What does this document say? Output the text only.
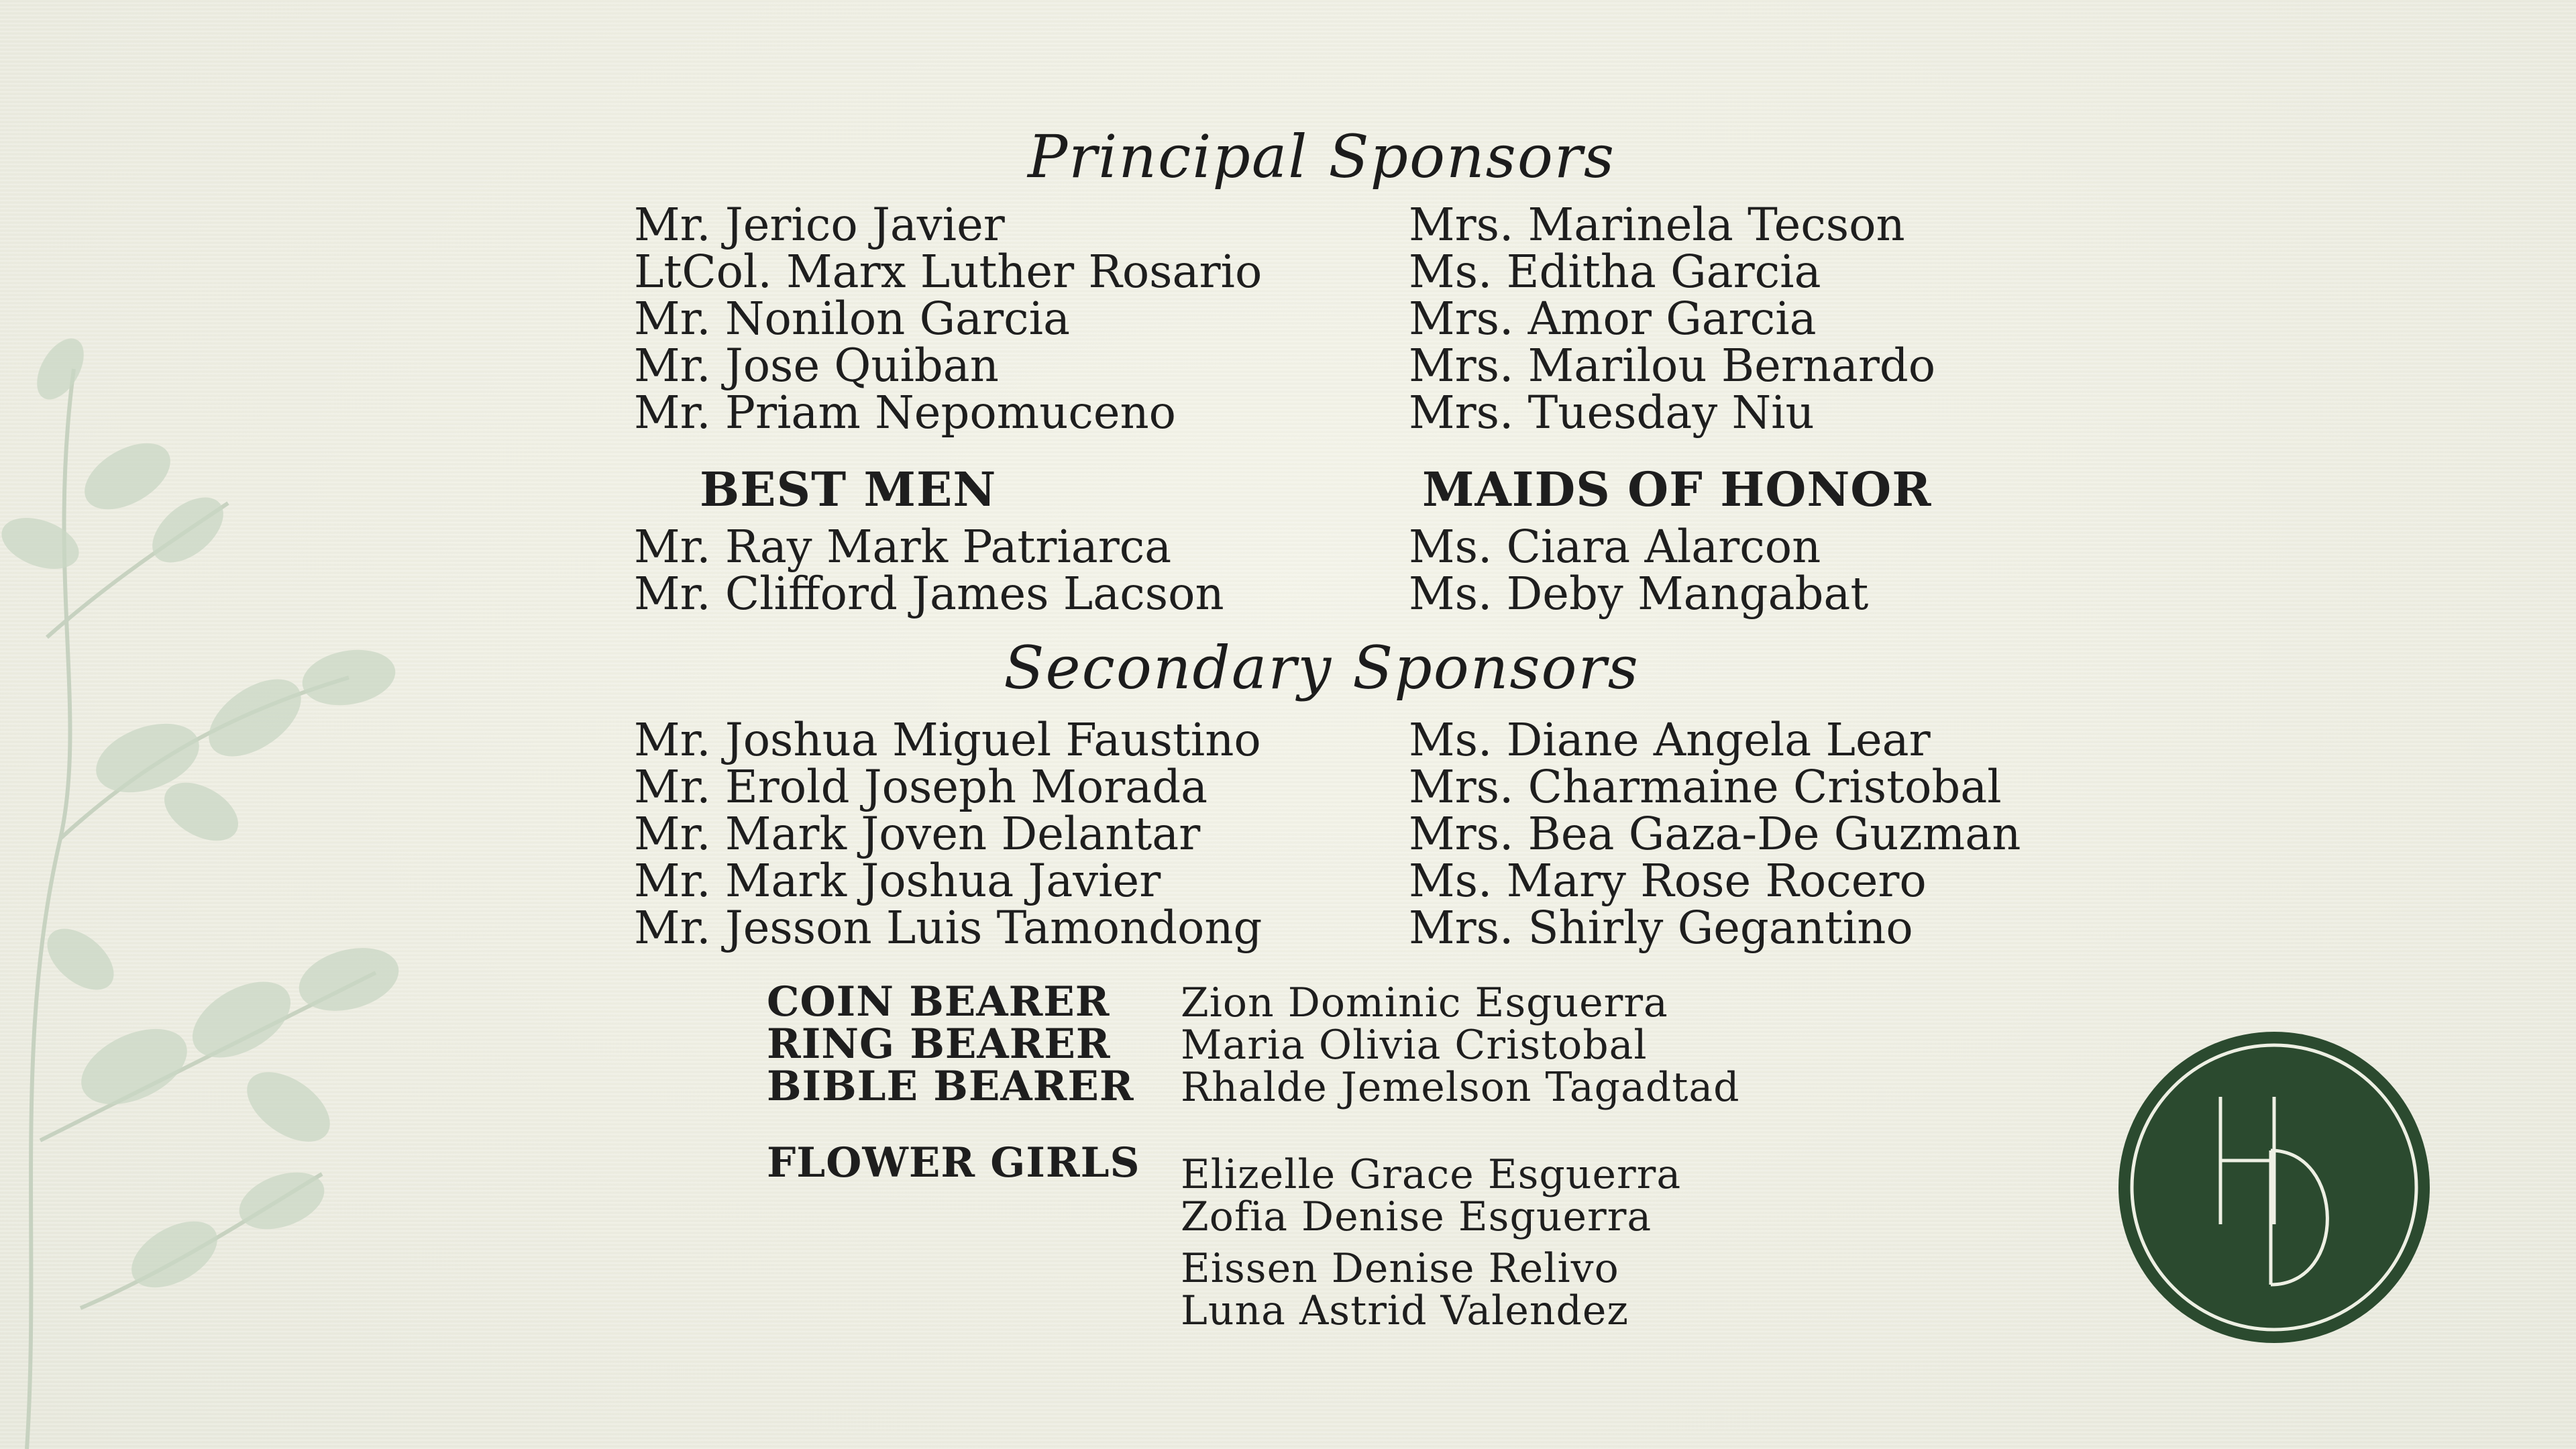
Principal Sponsors
Mr. Jerico Javier
LtCol. Marx Luther Rosario
Mr. Nonilon Garcia
Mr. Jose Quiban
Mr. Priam Nepomuceno
Mrs. Marinela Tecson
Ms. Editha Garcia
Mrs. Amor Garcia
Mrs. Marilou Bernardo
Mrs. Tuesday Niu
BEST MEN	MAIDS OF HONOR
Mr. Ray Mark Patriarca
Mr. Clifford James Lacson
Ms. Ciara Alarcon
Ms. Deby Mangabat
Secondary Sponsors
Mr. Joshua Miguel Faustino
Mr. Erold Joseph Morada
Mr. Mark Joven Delantar
Mr. Mark Joshua Javier
Mr. Jesson Luis Tamondong
Ms. Diane Angela Lear
Mrs. Charmaine Cristobal
Mrs. Bea Gaza-De Guzman
Ms. Mary Rose Rocero
Mrs. Shirly Gegantino
COIN BEARER
RING BEARER
BIBLE BEARER
Zion Dominic Esguerra
Maria Olivia Cristobal
Rhalde Jemelson Tagadtad
FLOWER GIRLS Elizelle Grace Esguerra
Zofia Denise Esguerra
Eissen Denise Relivo
Luna Astrid Valendez
